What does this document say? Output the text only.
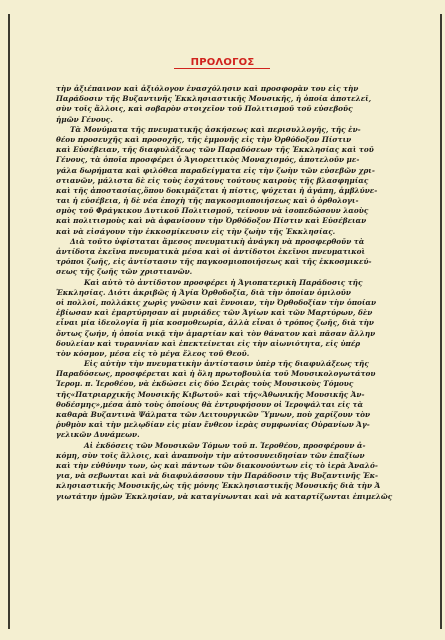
ΠΡΟΛΟΓΟΣ
τὴν ἀξιέπαινον καὶ ἀξιόλογον ἐνασχόλησιν καὶ προσφορὰν του εἰς τὴν
Παράδοσιν τῆς Βυζαντινῆς Ἐκκλησιαστικῆς Μουσικῆς, ἡ ὁποία ἀποτελεῖ,
σὺν τοῖς ἄλλοις, καὶ σοβαρὸν στοιχεῖον τοῦ Πολιτισμοῦ τοῦ εὐσεβοῦς
ἡμῶν Γένους.
Τὰ Μονύματα τῆς πνευματικῆς ἀσκήσεως καὶ περισυλλογῆς, τῆς ἐν-
θέου προσευχῆς καὶ προσοχῆς, τῆς ἐμμονῆς εἰς τὴν Ὀρθόδοξον Πίστιν
καὶ Εὐσέβειαν, τῆς διαφυλάξεως τῶν Παραδόσεων τῆς Ἐκκλησίας καὶ τοῦ
Γένους, τὰ ὁποῖα προσφέρει ὁ Ἁγιορειτικὸς Μοναχισμός, ἀποτελοῦν με-
γάλα δωρήματα καὶ φιλόθεα παραδείγματα εἰς τὴν ζωὴν τῶν εὐσεβῶν χρι-
στιανῶν, μάλιστα δὲ εἰς τοὺς ἐσχάτους τούτους καιροὺς τῆς βλασφημίας
καὶ τῆς ἀποστασίας,ὅπου δοκιμάζεται ἡ πίστις, ψύχεται ἡ ἀγάπη, ἀμβλύνε-
ται ἡ εὐσέβεια, ἡ δὲ νέα ἐποχὴ τῆς παγκοσμιοποιήσεως καὶ ὁ ὀρθολογι-
σμὸς τοῦ Φράγκικου Δυτικοῦ Πολιτισμοῦ, τείνουν νὰ ἰσοπεδώσουν λαοὺς
καὶ πολιτισμοὺς καὶ νὰ ἀφανίσουν τὴν Ὀρθόδοξον Πίστιν καὶ Εὐσέβειαν
καὶ νὰ εἰσάγουν τὴν ἐκκοσμίκευσιν εἰς τὴν ζωὴν τῆς Ἐκκλησίας.
Διὰ τοῦτο ὑφίσταται ἄμεσος πνευματικὴ ἀνάγκη νὰ προσφερθοῦν τὰ
ἀντίδοτα ἐκεῖνα πνευματικὰ μέσα καὶ οἱ ἀντίδοτοι ἐκεῖνοι πνευματικοὶ
τρόποι ζωῆς, εἰς ἀντίστασιν τῆς παγκοσμιοποιήσεως καὶ τῆς ἐκκοσμικεύ-
σεως τῆς ζωῆς τῶν χριστιανῶν.
Καὶ αὐτὸ τὸ ἀντίδοτον προσφέρει ἡ Ἁγιοπατερικὴ Παράδοσις τῆς
Ἐκκλησίας. Διότι ἀκριβῶς ἡ Ἁγία Ὀρθοδοξία, διὰ τὴν ὁποίαν ὁμιλοῦν
οἱ πολλοί, πολλάκις χωρὶς γνῶσιν καὶ ἔννοιαν, τὴν Ὀρθοδοξίαν τὴν ὁποίαν
ἐβίωσαν καὶ ἐμαρτύρησαν αἱ μυριάδες τῶν Ἁγίων καὶ τῶν Μαρτύρων, δὲν
εἶναι μία ἰδεολογία ἢ μία κοσμοθεωρία, ἀλλὰ εἶναι ὁ τρόπος ζωῆς, διὰ τὴν
ὄντως ζωήν, ἡ ὁποία νικᾷ τὴν ἁμαρτίαν καὶ τὸν θάνατον καὶ πᾶσαν ἄλλην
δουλείαν καὶ τυραννίαν καὶ ἐπεκτείνεται εἰς τὴν αἰωνιότητα, εἰς ὑπέρ
τὸν κόσμον, μέσα εἰς τὸ μέγα ἔλεος τοῦ Θεοῦ.
Εἰς αὐτὴν τὴν πνευματικὴν ἀντίστασιν ὑπὲρ τῆς διαφυλάξεως τῆς
Παραδόσεως, προσφέρεται καὶ ἡ ὅλη πρωτοβουλία τοῦ Μουσικολογωτάτου
Ἱερομ. π. Ἱεροθέου, νὰ ἐκδώσει εἰς δύο Σειρὰς τοὺς Μουσικοὺς Τόμους
τῆς«Πατριαρχικῆς Μουσικῆς Κιβωτοῦ» καὶ τῆς«Ἀθωνικῆς Μουσικῆς Ἀν-
θοδέσμης»,μέσα ἀπὸ τοὺς ὁποίους θὰ ἐντρυφήσουν οἱ Ἱεροψάλται εἰς τὰ
καθαρὰ Βυζαντινὰ Ψάλματα τῶν Λειτουργικῶν Ὕμνων, ποὺ χαρίζουν τὸν
ῥυθμὸν καὶ τὴν μελῳδίαν εἰς μίαν ἔνθεον ἱερὰς συμφωνίας Οὐρανίων Ἀγ-
γελικῶν Δυνάμεων.
Αἱ ἐκδόσεις τῶν Μουσικῶν Τόμων τοῦ π. Ἱεροθέου, προσφέρουν ἀ-
κόμη, σὺν τοῖς ἄλλοις, καὶ ἀναπνοὴν τὴν αὐτοσυνειδησίαν τῶν ἐπαξίων
καὶ τὴν εὐθύνην των, ὡς καὶ πάντων τῶν διακονούντων εἰς τὸ ἱερὰ Ἀναλό-
για, νὰ σεβωνται καὶ νὰ διαφυλάσσουν τὴν Παράδοσιν τῆς Βυζαντινῆς Ἐκ-
κλησιαστικῆς Μουσικῆς,ὡς τῆς μόνης Ἐκκλησιαστικῆς Μουσικῆς διὰ τὴν Ἁ
γιωτάτην ἡμῶν Ἐκκλησίαν, νὰ καταγίνωνται καὶ νὰ καταρτίζωνται ἐπιμελῶς
